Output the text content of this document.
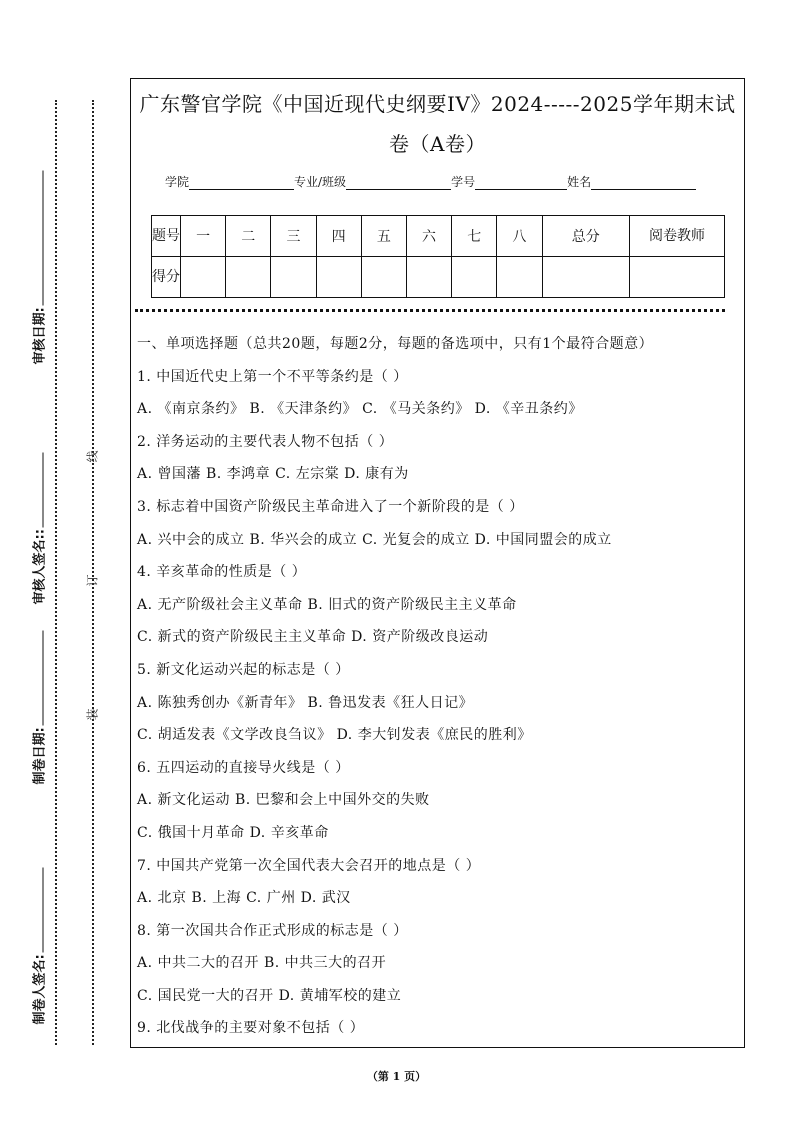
制卷人签名:
制卷日期:
审核人签名::
审核日期:
线
订
装
广东警官学院《中国近现代史纲要IV》2024-----2025学年期末试
卷（A卷）
学院	专业/班级	学号	姓名
题号	一	二	三	四	五	六	七	八	总分	阅卷教师
得分										
一、单项选择题（总共20题，每题2分，每题的备选项中，只有1个最符合题意）
1. 中国近代史上第一个不平等条约是（ ）
A. 《南京条约》 B. 《天津条约》 C. 《马关条约》 D. 《辛丑条约》
2. 洋务运动的主要代表人物不包括（ ）
A. 曾国藩 B. 李鸿章 C. 左宗棠 D. 康有为
3. 标志着中国资产阶级民主革命进入了一个新阶段的是（ ）
A. 兴中会的成立 B. 华兴会的成立 C. 光复会的成立 D. 中国同盟会的成立
4. 辛亥革命的性质是（ ）
A. 无产阶级社会主义革命 B. 旧式的资产阶级民主主义革命
C. 新式的资产阶级民主主义革命 D. 资产阶级改良运动
5. 新文化运动兴起的标志是（ ）
A. 陈独秀创办《新青年》 B. 鲁迅发表《狂人日记》
C. 胡适发表《文学改良刍议》 D. 李大钊发表《庶民的胜利》
6. 五四运动的直接导火线是（ ）
A. 新文化运动 B. 巴黎和会上中国外交的失败
C. 俄国十月革命 D. 辛亥革命
7. 中国共产党第一次全国代表大会召开的地点是（ ）
A. 北京 B. 上海 C. 广州 D. 武汉
8. 第一次国共合作正式形成的标志是（ ）
A. 中共二大的召开 B. 中共三大的召开
C. 国民党一大的召开 D. 黄埔军校的建立
9. 北伐战争的主要对象不包括（ ）
（第 1 页）
